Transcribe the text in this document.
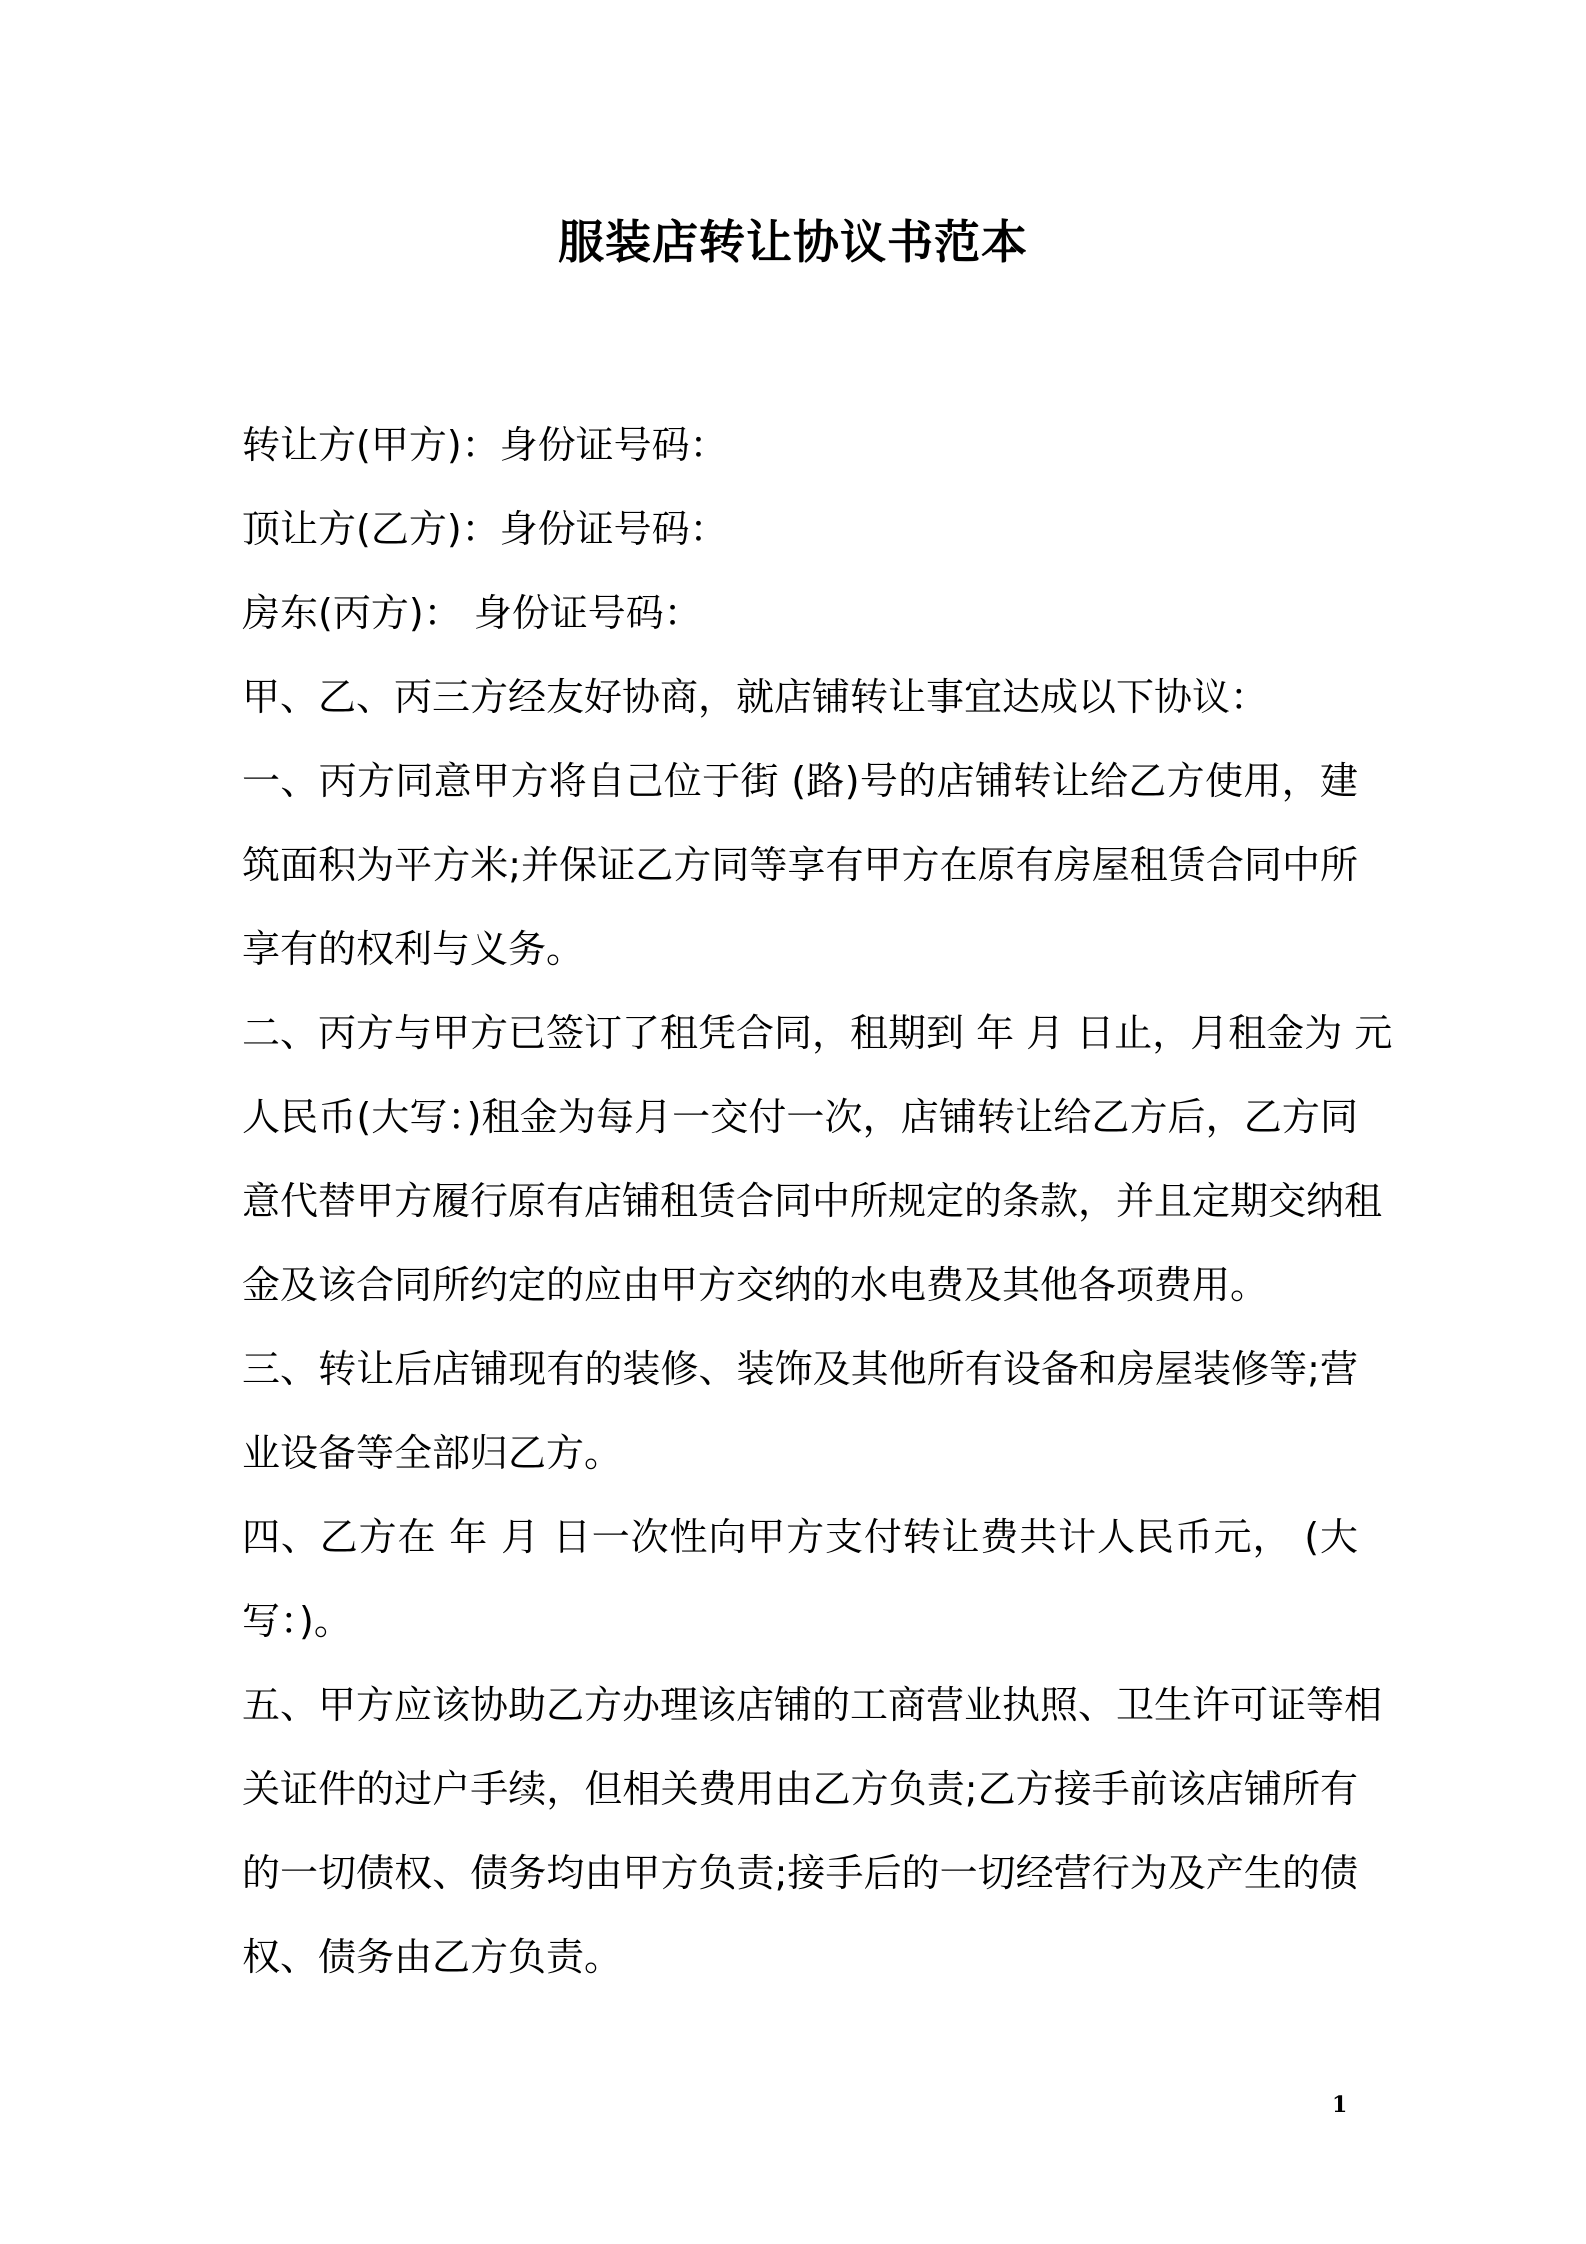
服装店转让协议书范本
转让方(甲方)：身份证号码：
顶让方(乙方)：身份证号码：
房东(丙方)： 身份证号码：
甲、乙、丙三方经友好协商，就店铺转让事宜达成以下协议：
一、丙方同意甲方将自己位于街 (路)号的店铺转让给乙方使用，建
筑面积为平方米;并保证乙方同等享有甲方在原有房屋租赁合同中所
享有的权利与义务。
二、丙方与甲方已签订了租凭合同，租期到 年 月 日止，月租金为 元
人民币(大写：)租金为每月一交付一次，店铺转让给乙方后，乙方同
意代替甲方履行原有店铺租赁合同中所规定的条款，并且定期交纳租
金及该合同所约定的应由甲方交纳的水电费及其他各项费用。
三、转让后店铺现有的装修、装饰及其他所有设备和房屋装修等;营
业设备等全部归乙方。
四、乙方在 年 月 日一次性向甲方支付转让费共计人民币元， (大
写：)。
五、甲方应该协助乙方办理该店铺的工商营业执照、卫生许可证等相
关证件的过户手续，但相关费用由乙方负责;乙方接手前该店铺所有
的一切债权、债务均由甲方负责;接手后的一切经营行为及产生的债
权、债务由乙方负责。
1
